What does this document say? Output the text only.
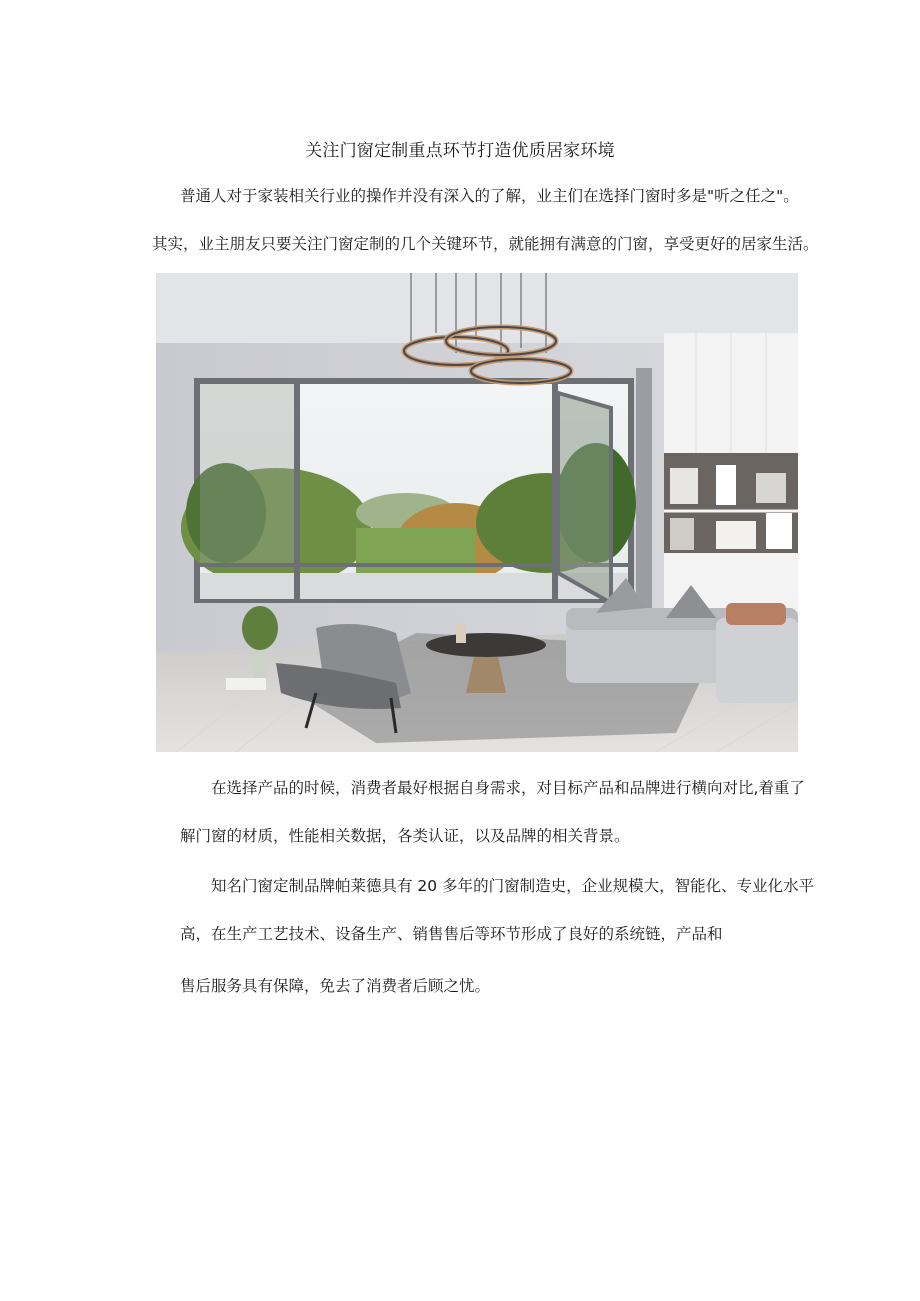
关注门窗定制重点环节打造优质居家环境
普通人对于家装相关行业的操作并没有深入的了解，业主们在选择门窗时多是"听之任之"。
其实，业主朋友只要关注门窗定制的几个关键环节，就能拥有满意的门窗，享受更好的居家生活。
在选择产品的时候，消费者最好根据自身需求，对目标产品和品牌进行横向对比,着重了
解门窗的材质，性能相关数据，各类认证，以及品牌的相关背景。
知名门窗定制品牌帕莱德具有 20 多年的门窗制造史，企业规模大，智能化、专业化水平
高，在生产工艺技术、设备生产、销售售后等环节形成了良好的系统链，产品和
售后服务具有保障，免去了消费者后顾之忧。
